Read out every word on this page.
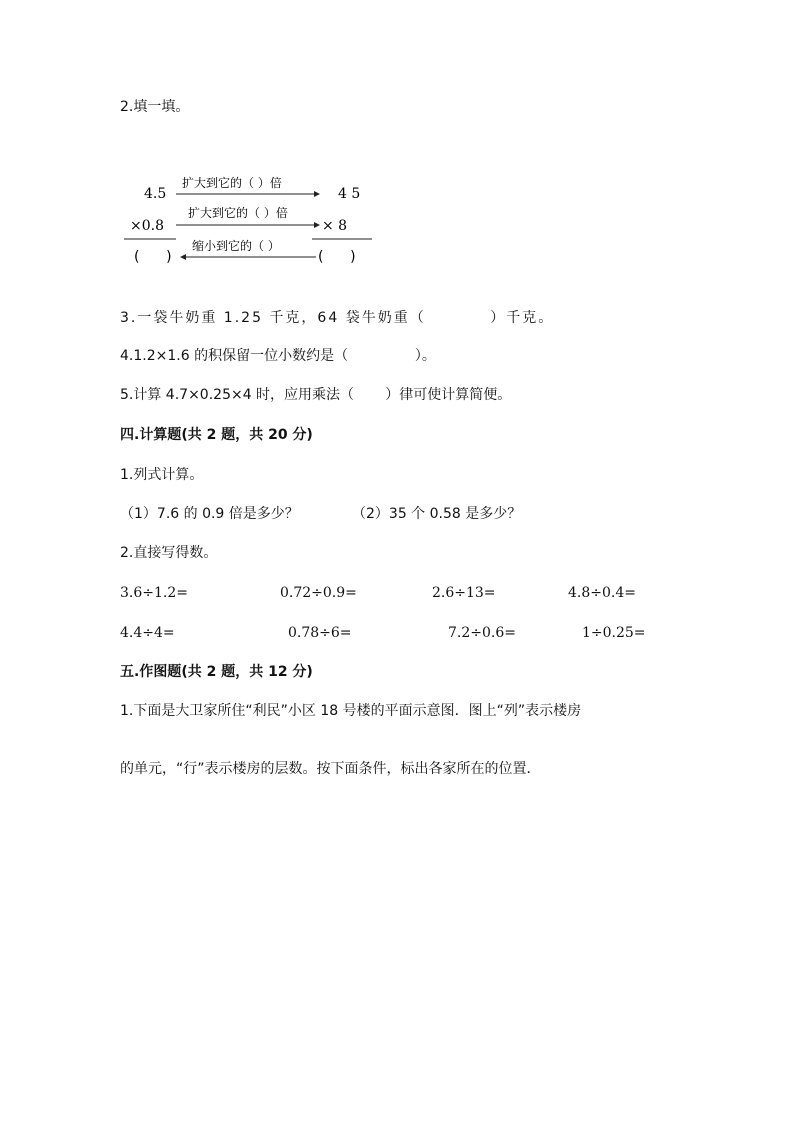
2.填一填。
4.5
扩大到它的（ ）倍
4 5
×0.8
扩大到它的（ ）倍
× 8
缩小到它的（ ）
(      )	(      )
3.一袋牛奶重 1.25 千克，64 袋牛奶重（          ）千克。
4.1.2×1.6 的积保留一位小数约是（               ）。
5.计算 4.7×0.25×4 时，应用乘法（       ）律可使计算简便。
四.计算题(共 2 题，共 20 分)
1.列式计算。
（1）7.6 的 0.9 倍是多少？	（2）35 个 0.58 是多少？
2.直接写得数。
3.6÷1.2=	0.72÷0.9=	2.6÷13=	4.8÷0.4=
4.4÷4=	0.78÷6=	7.2÷0.6=	1÷0.25=
五.作图题(共 2 题，共 12 分)
1.下面是大卫家所住“利民”小区 18 号楼的平面示意图．图上“列”表示楼房
的单元，“行”表示楼房的层数。按下面条件，标出各家所在的位置．
